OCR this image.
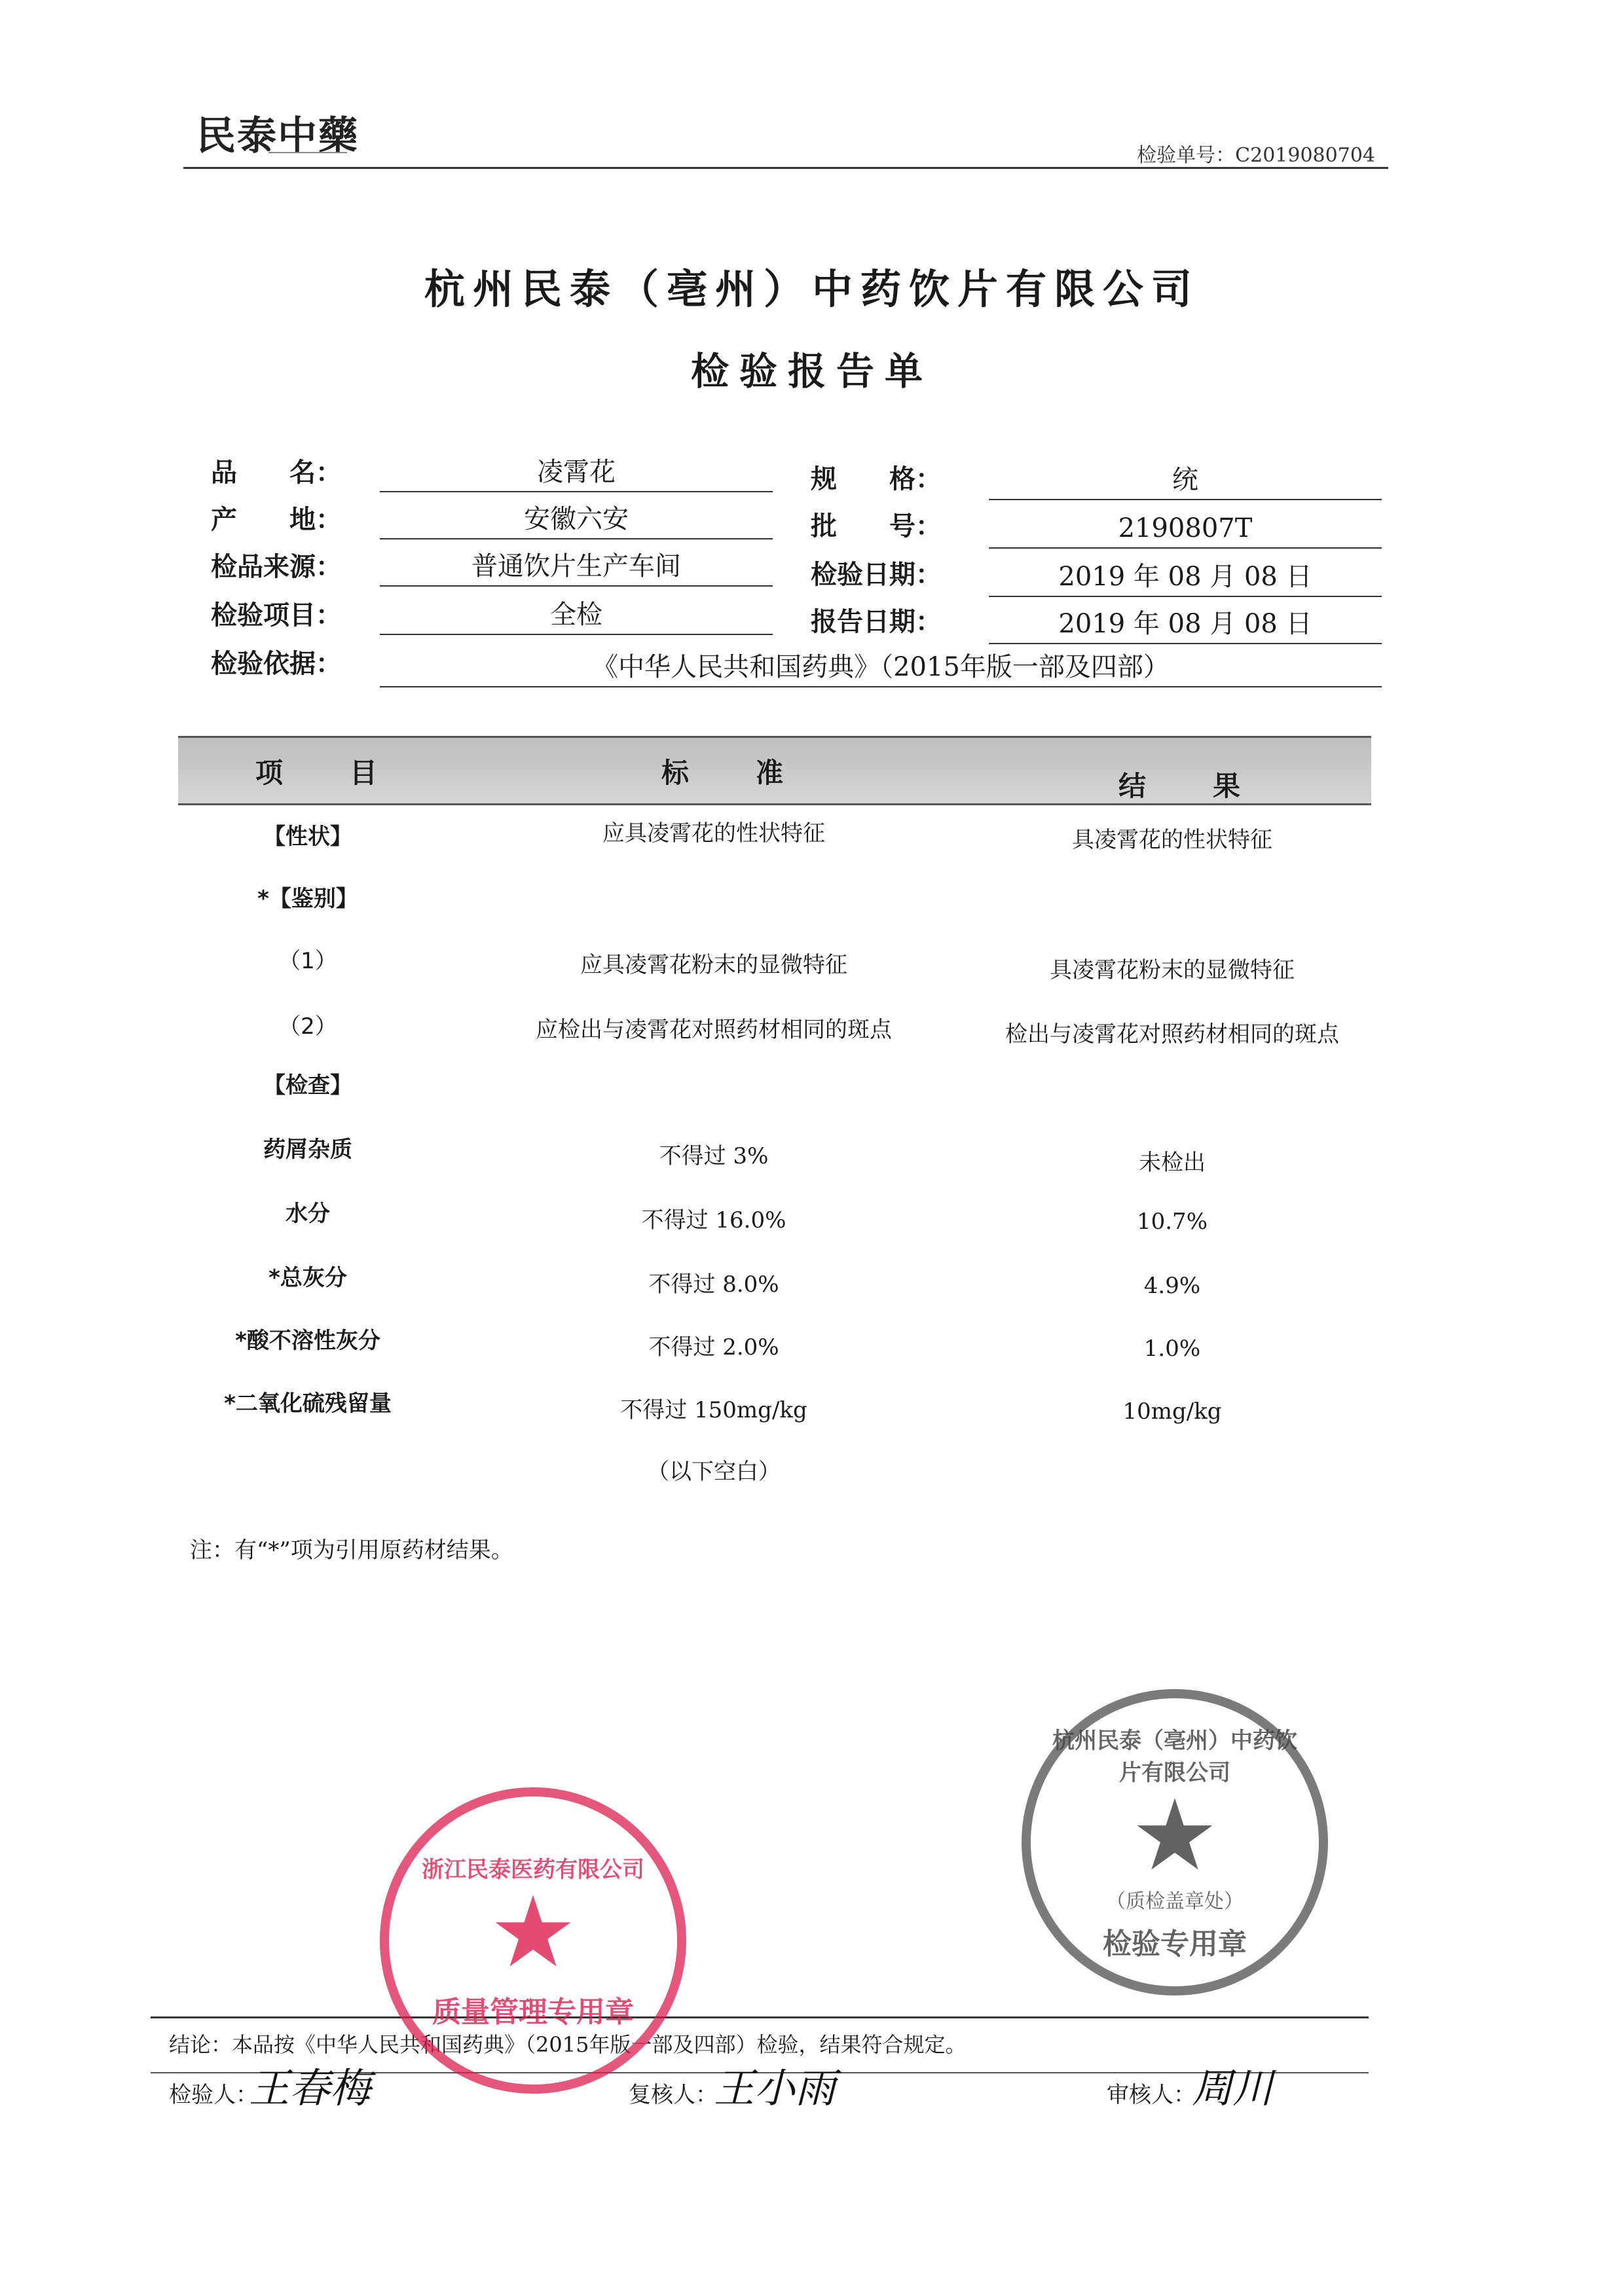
民泰中藥	检验单号：C2019080704
杭州民泰（亳州）中药饮片有限公司
检验报告单
品　　名：	凌霄花
产　　地：	安徽六安
检品来源：	普通饮片生产车间
检验项目：	全检
检验依据：	《中华人民共和国药典》（2015年版一部及四部）
规　　格：	统
批　　号：	2190807T
检验日期：	2019 年 08 月 08 日
报告日期：	2019 年 08 月 08 日
项　目	标　准	结　果
【性状】	应具凌霄花的性状特征	具凌霄花的性状特征
*【鉴别】
（1）	应具凌霄花粉末的显微特征	具凌霄花粉末的显微特征
（2）	应检出与凌霄花对照药材相同的斑点	检出与凌霄花对照药材相同的斑点
【检查】
药屑杂质	不得过 3%	未检出
水分	不得过 16.0%	10.7%
*总灰分	不得过 8.0%	4.9%
*酸不溶性灰分	不得过 2.0%	1.0%
*二氧化硫残留量	不得过 150mg/kg	10mg/kg
（以下空白）
注：有“*”项为引用原药材结果。
杭州民泰（亳州）中药饮片有限公司
★
（质检盖章处）
检验专用章
结论：本品按《中华人民共和国药典》（2015年版一部及四部）检验，结果符合规定。
检验人：
王春梅	复核人：
王小雨	审核人：
周川
浙江民泰医药有限公司
★
质量管理专用章
